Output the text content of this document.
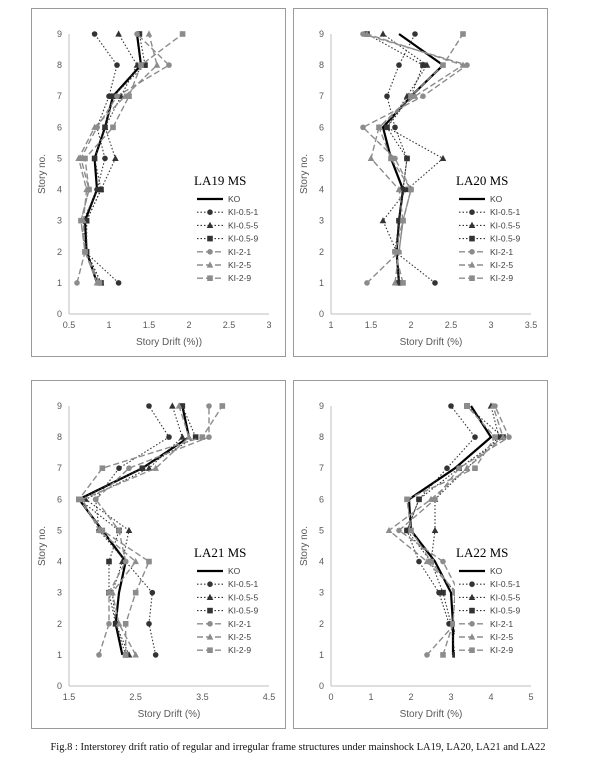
0
1
2
3
4
5
6
7
8
9
0.5	1	1.5	2	2.5	3
Story Drift (%))
Story no.	LA19 MS
KO
KI-0.5-1
KI-0.5-5
KI-0.5-9
KI-2-1
KI-2-5
KI-2-9
0
1
2
3
4
5
6
7
8
9
1	1.5	2	2.5	3	3.5
Story Drift (%)
Story no.	LA20 MS
KO
KI-0.5-1
KI-0.5-5
KI-0.5-9
KI-2-1
KI-2-5
KI-2-9
0
1
2
3
4
5
6
7
8
9
1.5	2.5	3.5	4.5
Story Drift (%)
Story no.	LA21 MS
KO
KI-0.5-1
KI-0.5-5
KI-0.5-9
KI-2-1
KI-2-5
KI-2-9
0
1
2
3
4
5
6
7
8
9
0	1	2	3	4	5
Story Drift (%)
Story no.	LA22 MS
KO
KI-0.5-1
KI-0.5-5
KI-0.5-9
KI-2-1
KI-2-5
KI-2-9
Fig.8 : Interstorey drift ratio of regular and irregular frame structures under mainshock LA19, LA20, LA21 and LA22
